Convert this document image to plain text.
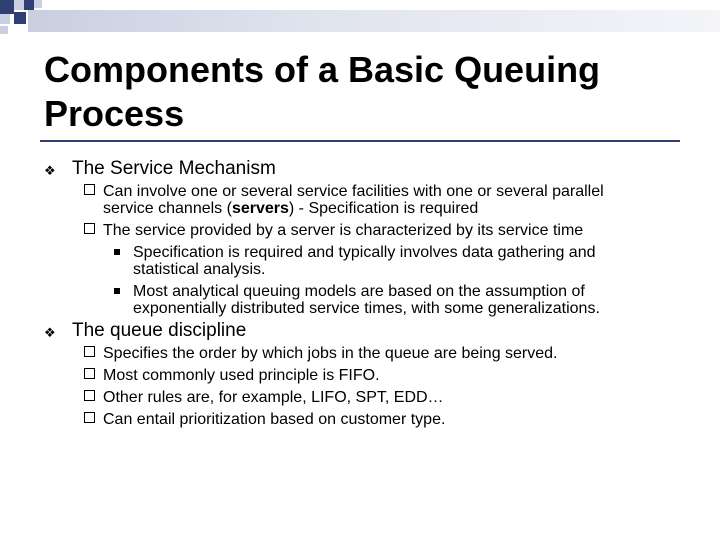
Components of a Basic Queuing Process
❖ The Service Mechanism
Can involve one or several service facilities with one or several parallel
service channels (servers) - Specification is required
The service provided by a server is characterized by its service time
Specification is required and typically involves data gathering and
statistical analysis.
Most analytical queuing models are based on the assumption of
exponentially distributed service times, with some generalizations.
❖ The queue discipline
Specifies the order by which jobs in the queue are being served.
Most commonly used principle is FIFO.
Other rules are, for example, LIFO, SPT, EDD…
Can entail prioritization based on customer type.
